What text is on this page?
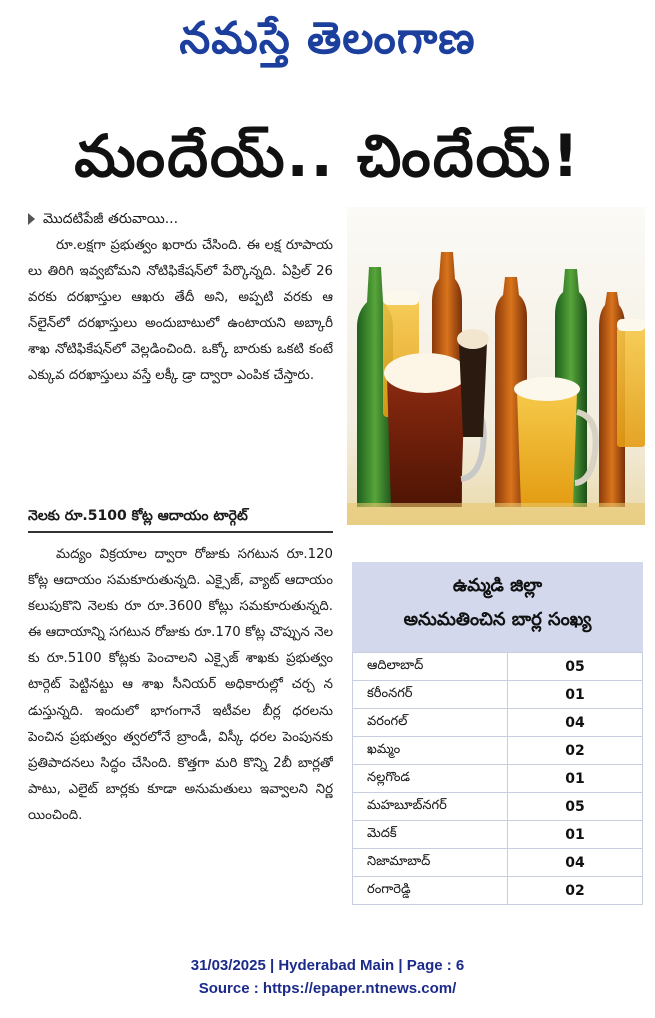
నమస్తే తెలంగాణ
మందేయ్.. చిందేయ్!
మొదటిపేజీ తరువాయి...
రూ.లక్షగా ప్రభుత్వం ఖరారు చేసింది. ఈ లక్ష రూపాయలు తిరిగి ఇవ్వబోమని నోటిఫికేషన్‌లో పేర్కొన్నది. ఏప్రిల్ 26 వరకు దరఖాస్తుల ఆఖరు తేదీ అని, అప్పటి వరకు ఆన్‌లైన్‌లో దరఖాస్తులు అందుబాటులో ఉంటాయని అబ్కారీ శాఖ నోటిఫికేషన్‌లో వెల్లడించింది. ఒక్కో బారుకు ఒకటి కంటే ఎక్కువ దరఖాస్తులు వస్తే లక్కీ డ్రా ద్వారా ఎంపిక చేస్తారు.
నెలకు రూ.5100 కోట్ల ఆదాయం టార్గెట్
మద్యం విక్రయాల ద్వారా రోజుకు సగటున రూ.120 కోట్ల ఆదాయం సమకూరుతున్నది. ఎక్సైజ్, వ్యాట్ ఆదాయం కలుపుకొని నెలకు రూ రూ.3600 కోట్లు సమకూరుతున్నది. ఈ ఆదాయాన్ని సగటున రోజుకు రూ.170 కోట్ల చొప్పున నెలకు రూ.5100 కోట్లకు పెంచాలని ఎక్సైజ్ శాఖకు ప్రభుత్వం టార్గెట్ పెట్టినట్టు ఆ శాఖ సీనియర్ అధికారుల్లో చర్చ నడుస్తున్నది. ఇందులో భాగంగానే ఇటీవల బీర్ల ధరలను పెంచిన ప్రభుత్వం త్వరలోనే బ్రాండీ, విస్కీ ధరల పెంపునకు ప్రతిపాదనలు సిద్ధం చేసింది. కొత్తగా మరి కొన్ని 2బీ బార్లతో పాటు, ఎలైట్ బార్లకు కూడా అనుమతులు ఇవ్వాలని నిర్ణయించింది.
ఉమ్మడి జిల్లా
అనుమతించిన బార్ల సంఖ్య
ఆదిలాబాద్	05
కరీంనగర్	01
వరంగల్	04
ఖమ్మం	02
నల్లగొండ	01
మహబూబ్‌నగర్	05
మెదక్	01
నిజామాబాద్	04
రంగారెడ్డి	02
31/03/2025 | Hyderabad Main | Page : 6
Source : https://epaper.ntnews.com/
